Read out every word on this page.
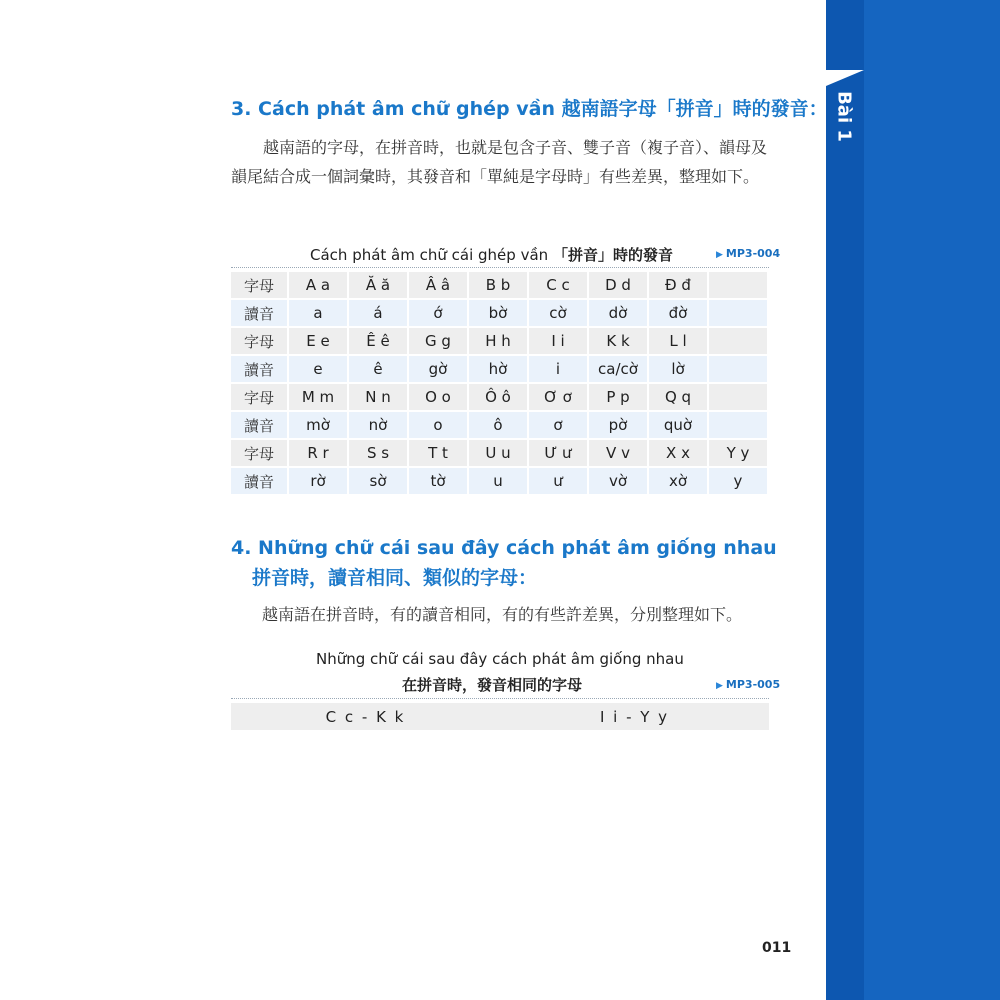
Bài 1
3. Cách phát âm chữ ghép vần 越南語字母「拼音」時的發音：
越南語的字母，在拼音時，也就是包含子音、雙子音（複子音）、韻母及韻尾結合成一個詞彙時，其發音和「單純是字母時」有些差異，整理如下。
Cách phát âm chữ cái ghép vần 「拼音」時的發音	▶ MP3-004
字母	A a	Ă ă	Â â	B b	C c	D d	Đ đ	
讀音	a	á	ớ	bờ	cờ	dờ	đờ	
字母	E e	Ê ê	G g	H h	I i	K k	L l	
讀音	e	ê	gờ	hờ	i	ca/cờ	lờ	
字母	M m	N n	O o	Ô ô	Ơ ơ	P p	Q q	
讀音	mờ	nờ	o	ô	ơ	pờ	quờ	
字母	R r	S s	T t	U u	Ư ư	V v	X x	Y y
讀音	rờ	sờ	tờ	u	ư	vờ	xờ	y
4. Những chữ cái sau đây cách phát âm giống nhau
拼音時，讀音相同、類似的字母：
越南語在拼音時，有的讀音相同，有的有些許差異，分別整理如下。
Những chữ cái sau đây cách phát âm giống nhau
在拼音時，發音相同的字母	▶ MP3-005
C c - K k	I i - Y y
011
